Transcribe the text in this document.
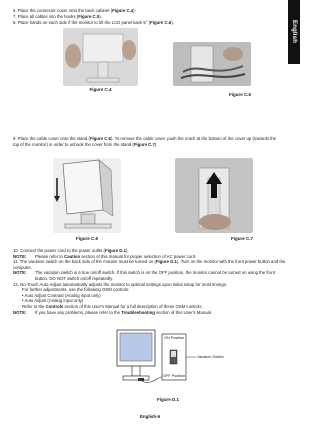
English
6. Place the connector cover onto the back cabinet (Figure C.4).
7. Place all cables into the hooks (Figure C.5).
8. Place hands on each side if the monitor to tilt the LCD panel back 5° (Figure C.6).
Figure C.4
Figure C.5
9. Place the cable cover onto the stand (Figure C.6). To remove the cable cover, push the notch at the bottom of the cover up (towards the top of the monitor) in order to unhook the cover from the stand (Figure C.7).
Figure C.6	Figure C.7
10. Connect the power cord to the power outlet (Figure D.1).
NOTE:	Please refer to Caution section of this manual for proper selection of AC power cord.
11. The vacation switch on the back side of the monitor must be turned on (Figure D.1). Turn on the monitor with the front power button and the computer.
NOTE:	The vacation switch is a true on/off switch. If this switch is on the OFF position, the monitor cannot be turned on using the front button. DO NOT switch on/off repeatedly.
12. No-Touch Auto Adjust automatically adjusts the monitor to optimal settings upon initial setup for most timings.
For further adjustments, use the following OSM controls:
• Auto Adjust Contrast (Analog input only)
• Auto Adjust (Analog input only)
Refer to the Controls section of this User's Manual for a full description of these OSM controls.
NOTE:	If you have any problems, please refer to the Troubleshooting section of this User's Manual.
ON Position
OFF Position
Vacation Switch
Figure D.1
English-6
